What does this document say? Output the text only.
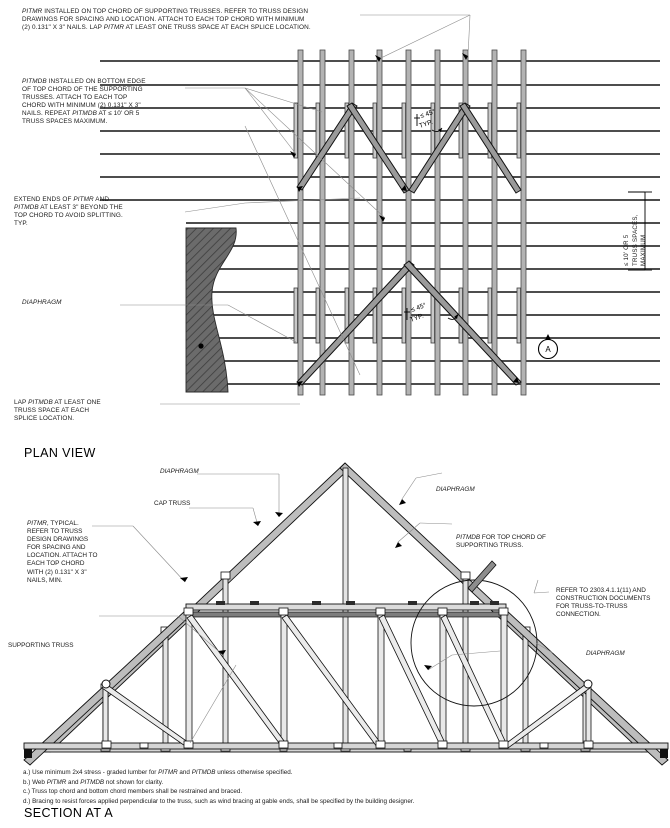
≤ 45°
TYP.
≤ 45°
TYP.
≤ 10' OR 5 TRUSS SPACES, MAXIMUM
A
PITMR INSTALLED ON TOP CHORD OF SUPPORTING TRUSSES. REFER TO TRUSS DESIGN
DRAWINGS FOR SPACING AND LOCATION. ATTACH TO EACH TOP CHORD WITH MINIMUM
(2) 0.131" X 3" NAILS. LAP PITMR AT LEAST ONE TRUSS SPACE AT EACH SPLICE LOCATION.
PITMDB INSTALLED ON BOTTOM EDGE
OF TOP CHORD OF THE SUPPORTING
TRUSSES. ATTACH TO EACH TOP
CHORD WITH MINIMUM (2) 0.131" X 3"
NAILS. REPEAT PITMDB AT ≤ 10' OR 5
TRUSS SPACES MAXIMUM.
EXTEND ENDS OF PITMR AND
PITMDB AT LEAST 3" BEYOND THE
TOP CHORD TO AVOID SPLITTING.
TYP.
DIAPHRAGM
LAP PITMDB AT LEAST ONE
TRUSS SPACE AT EACH
SPLICE LOCATION.
PLAN VIEW
DIAPHRAGM
CAP TRUSS
DIAPHRAGM
PITMR, TYPICAL.
REFER TO TRUSS
DESIGN DRAWINGS
FOR SPACING AND
LOCATION. ATTACH TO
EACH TOP CHORD
WITH (2) 0.131" X 3"
NAILS, MIN.
PITMDB FOR TOP CHORD OF
SUPPORTING TRUSS.
REFER TO 2303.4.1.1(11) AND
CONSTRUCTION DOCUMENTS
FOR TRUSS-TO-TRUSS
CONNECTION.
DIAPHRAGM
SUPPORTING TRUSS
a.) Use minimum 2x4 stress - graded lumber for PITMR and PITMDB unless otherwise specified.
b.) Web PITMR and PITMDB not shown for clarity.
c.) Truss top chord and bottom chord members shall be restrained and braced.
d.) Bracing to resist forces applied perpendicular to the truss, such as wind bracing at gable ends, shall be specified by the building designer.
SECTION AT A
